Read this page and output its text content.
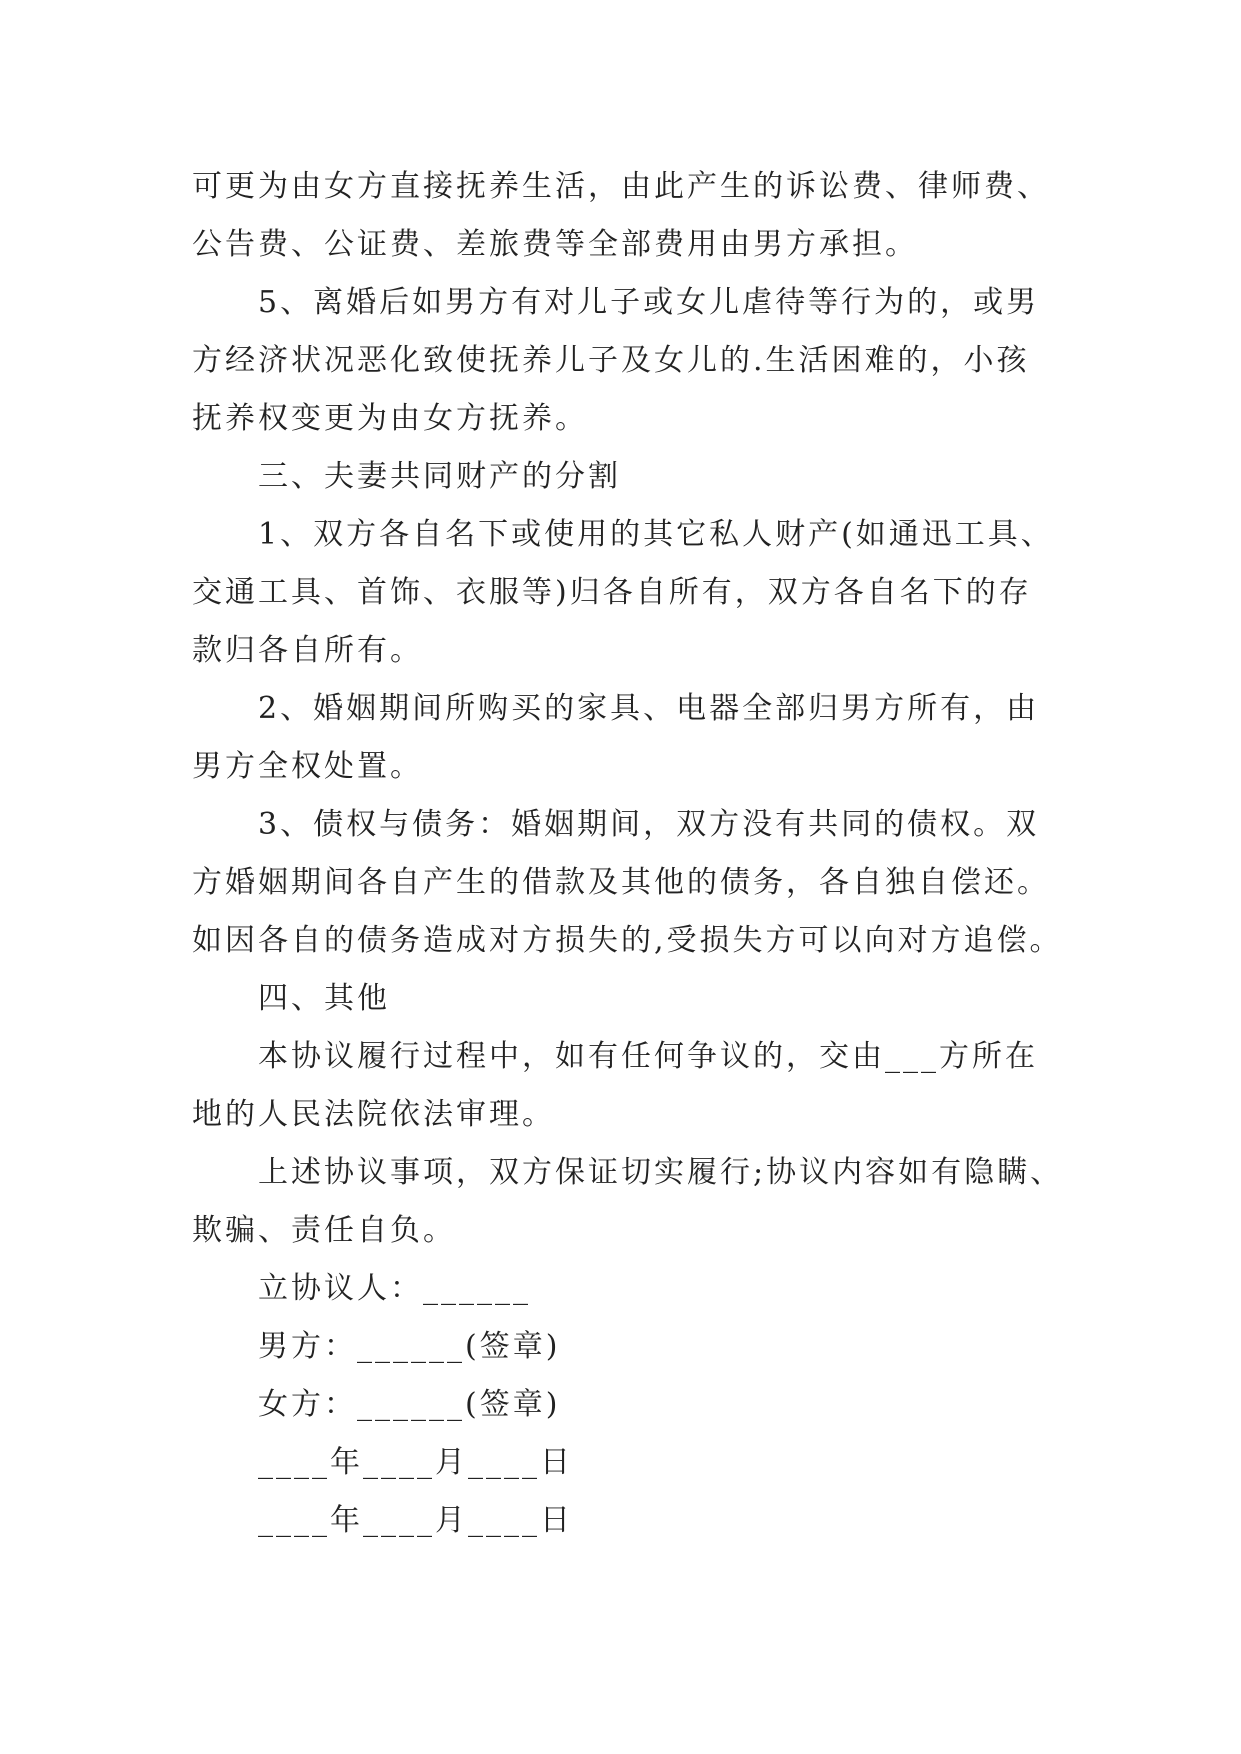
可更为由女方直接抚养生活，由此产生的诉讼费、律师费、
公告费、公证费、差旅费等全部费用由男方承担。
5、离婚后如男方有对儿子或女儿虐待等行为的，或男
方经济状况恶化致使抚养儿子及女儿的.生活困难的，小孩
抚养权变更为由女方抚养。
三、夫妻共同财产的分割
1、双方各自名下或使用的其它私人财产(如通迅工具、
交通工具、首饰、衣服等)归各自所有，双方各自名下的存
款归各自所有。
2、婚姻期间所购买的家具、电器全部归男方所有，由
男方全权处置。
3、债权与债务：婚姻期间，双方没有共同的债权。双
方婚姻期间各自产生的借款及其他的债务，各自独自偿还。
如因各自的债务造成对方损失的,受损失方可以向对方追偿。
四、其他
本协议履行过程中，如有任何争议的，交由___方所在
地的人民法院依法审理。
上述协议事项，双方保证切实履行;协议内容如有隐瞒、
欺骗、责任自负。
立协议人：______
男方：______(签章)
女方：______(签章)
____年____月____日
____年____月____日
